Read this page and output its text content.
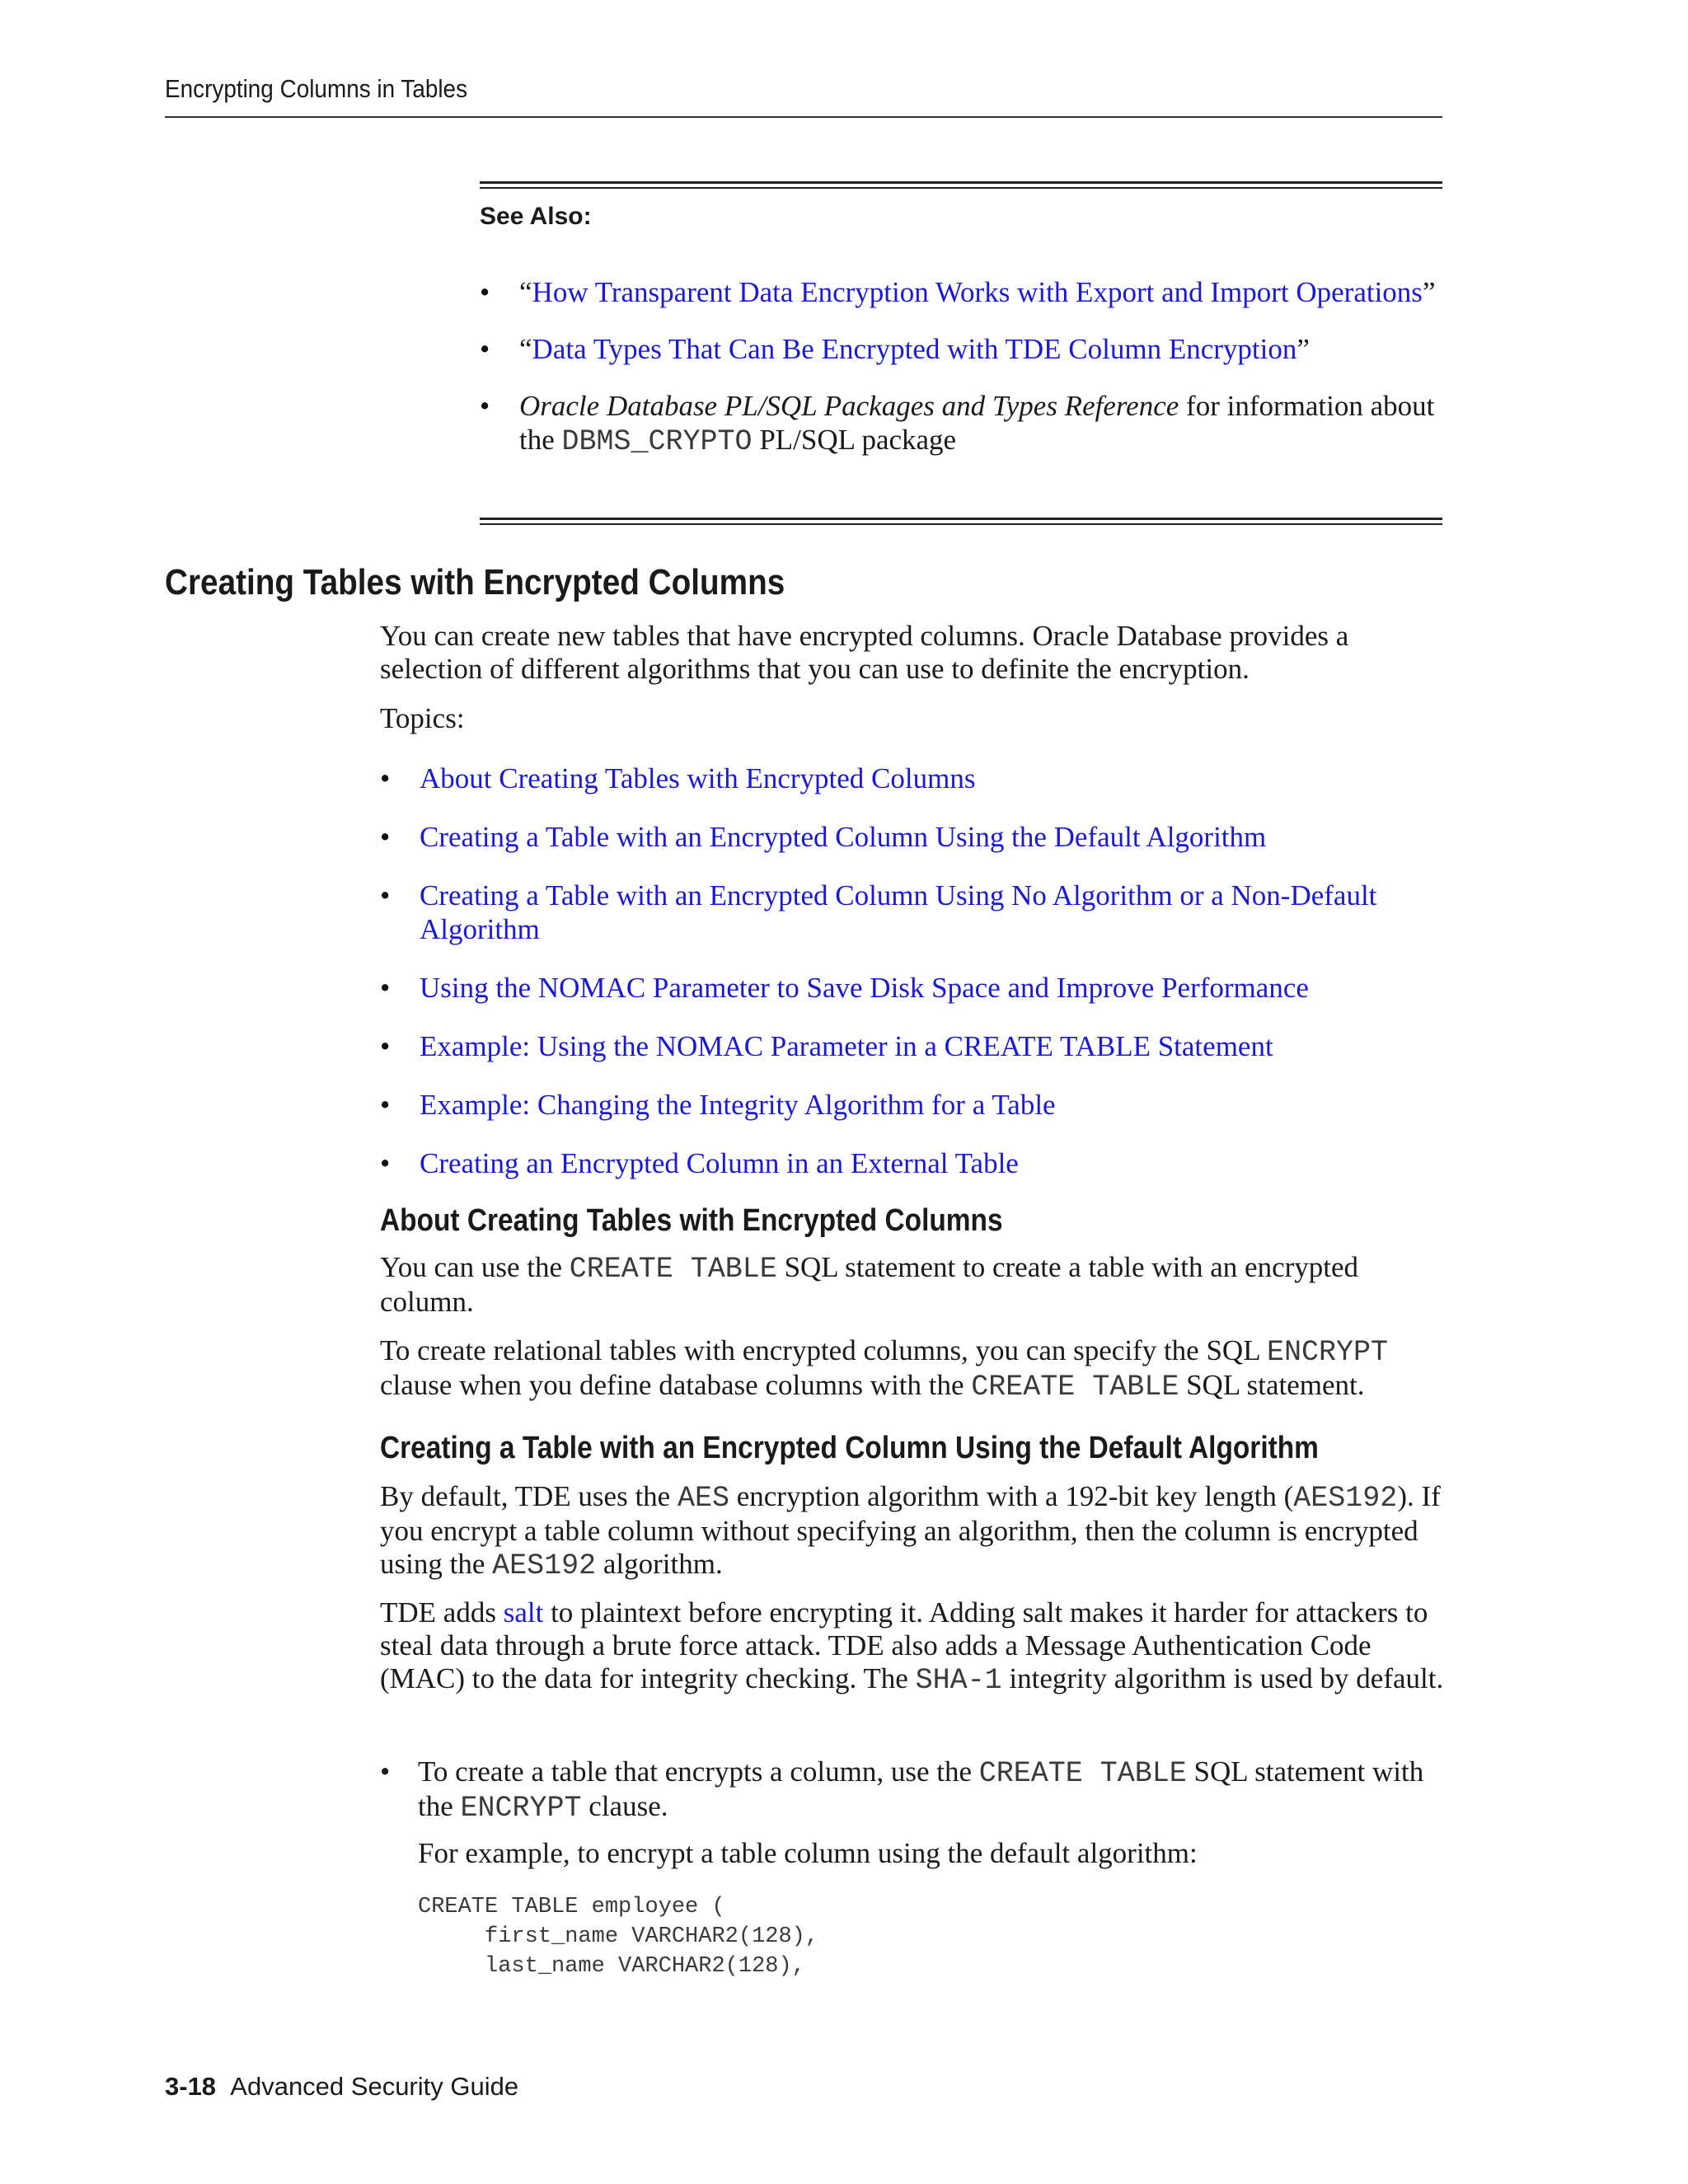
Encrypting Columns in Tables
See Also:
• “How Transparent Data Encryption Works with Export and Import Operations”
• “Data Types That Can Be Encrypted with TDE Column Encryption”
• Oracle Database PL/SQL Packages and Types Reference for information about the DBMS_CRYPTO PL/SQL package
Creating Tables with Encrypted Columns

You can create new tables that have encrypted columns. Oracle Database provides a selection of different algorithms that you can use to definite the encryption.

Topics:

• About Creating Tables with Encrypted Columns
• Creating a Table with an Encrypted Column Using the Default Algorithm
• Creating a Table with an Encrypted Column Using No Algorithm or a Non-Default Algorithm
• Using the NOMAC Parameter to Save Disk Space and Improve Performance
• Example: Using the NOMAC Parameter in a CREATE TABLE Statement
• Example: Changing the Integrity Algorithm for a Table
• Creating an Encrypted Column in an External Table
About Creating Tables with Encrypted Columns

You can use the CREATE TABLE SQL statement to create a table with an encrypted column.

To create relational tables with encrypted columns, you can specify the SQL ENCRYPT clause when you define database columns with the CREATE TABLE SQL statement.

Creating a Table with an Encrypted Column Using the Default Algorithm

By default, TDE uses the AES encryption algorithm with a 192-bit key length (AES192). If you encrypt a table column without specifying an algorithm, then the column is encrypted using the AES192 algorithm.

TDE adds salt to plaintext before encrypting it. Adding salt makes it harder for attackers to steal data through a brute force attack. TDE also adds a Message Authentication Code (MAC) to the data for integrity checking. The SHA-1 integrity algorithm is used by default.

• To create a table that encrypts a column, use the CREATE TABLE SQL statement with the ENCRYPT clause.

For example, to encrypt a table column using the default algorithm:

CREATE TABLE employee (
first_name VARCHAR2(128),
last_name VARCHAR2(128),
3-18 Advanced Security Guide
